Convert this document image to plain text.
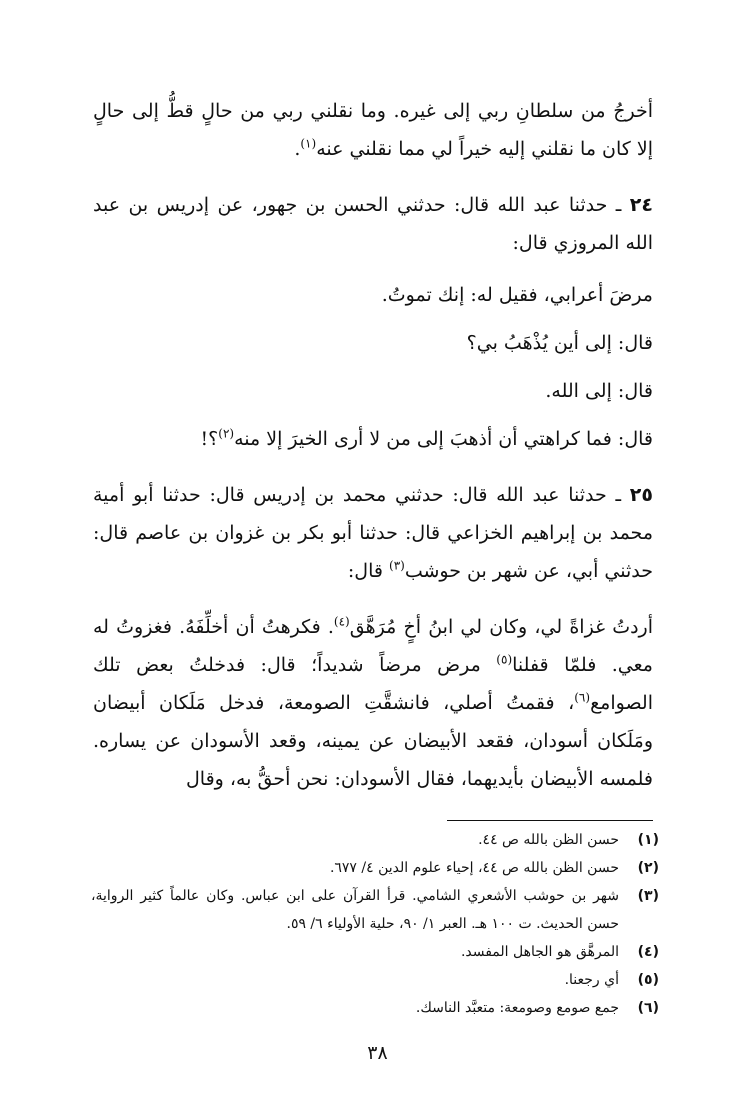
أخرجُ من سلطانِ ربي إلى غيره. وما نقلني ربي من حالٍ قطُّ إلى حالٍ إلا كان ما نقلني إليه خيراً لي مما نقلني عنه$^{(١)}$.

٢٤ ـ حدثنا عبد الله قال: حدثني الحسن بن جهور، عن إدريس بن عبد الله المروزي قال:

مرضَ أعرابي، فقيل له: إنك تموتُ.

قال: إلى أين يُذْهَبُ بي؟

قال: إلى الله.

قال: فما كراهتي أن أذهبَ إلى من لا أرى الخيرَ إلا منه$^{(٢)}$؟!

٢٥ ـ حدثنا عبد الله قال: حدثني محمد بن إدريس قال: حدثنا أبو أمية محمد بن إبراهيم الخزاعي قال: حدثنا أبو بكر بن غزوان بن عاصم قال: حدثني أبي، عن شهر بن حوشب$^{(٣)}$ قال:

أردتُ غزاةً لي، وكان لي ابنُ أخٍ مُرَهَّق$^{(٤)}$. فكرهتُ أن أخلِّفَهُ. فغزوتُ له معي. فلمّا قفلنا$^{(٥)}$ مرض مرضاً شديداً؛ قال: فدخلتُ بعض تلك الصوامع$^{(٦)}$، فقمتُ أصلي، فانشقَّتِ الصومعة، فدخل مَلَكان أبيضان ومَلَكان أسودان، فقعد الأبيضان عن يمينه، وقعد الأسودان عن يساره. فلمسه الأبيضان بأيديهما، فقال الأسودان: نحن أحقُّ به، وقال

(١)
حسن الظن بالله ص ٤٤.
(٢)
حسن الظن بالله ص ٤٤، إحياء علوم الدين ٤/ ٦٧٧.
(٣)
شهر بن حوشب الأشعري الشامي. قرأ القرآن على ابن عباس. وكان عالماً كثير الرواية، حسن الحديث. ت ١٠٠ هـ. العبر ١/ ٩٠، حلية الأولياء ٦/ ٥٩.
(٤)
المرهَّق هو الجاهل المفسد.
(٥)
أي رجعنا.
(٦)
جمع صومع وصومعة: متعبَّد الناسك.
٣٨
